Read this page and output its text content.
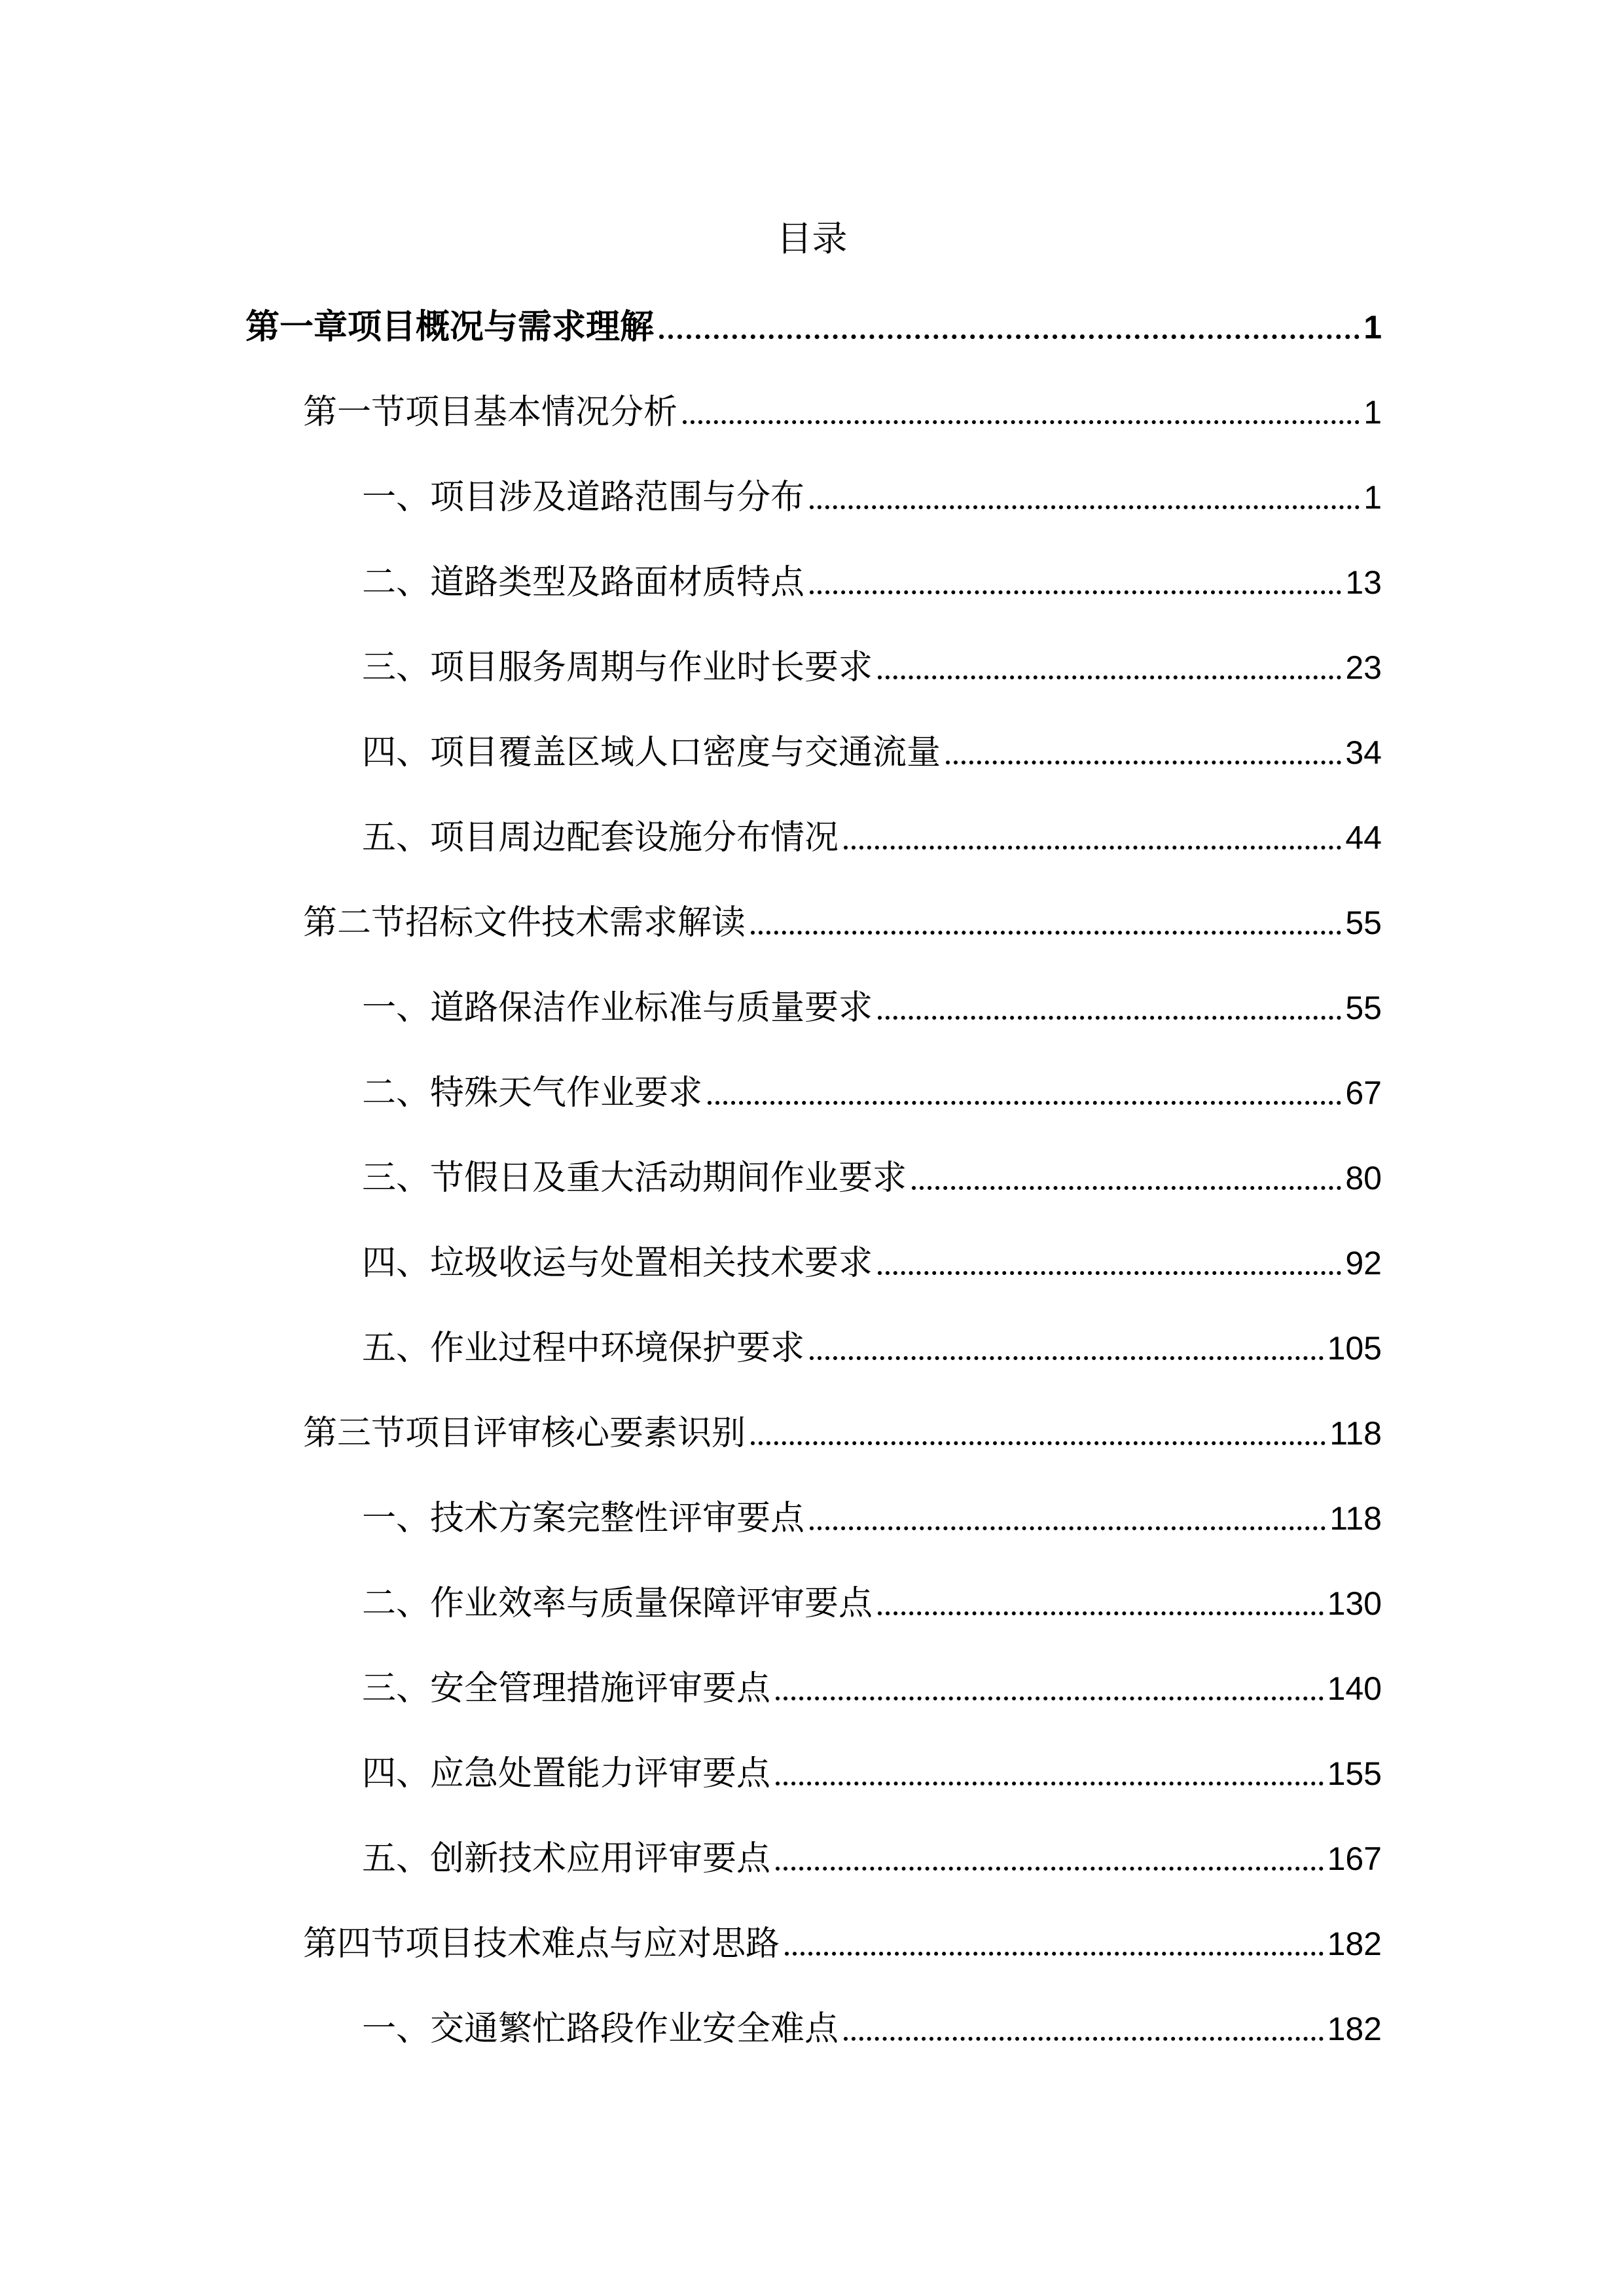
目录
第一章项目概况与需求理解	1
第一节项目基本情况分析	1
一、项目涉及道路范围与分布	1
二、道路类型及路面材质特点	13
三、项目服务周期与作业时长要求	23
四、项目覆盖区域人口密度与交通流量	34
五、项目周边配套设施分布情况	44
第二节招标文件技术需求解读	55
一、道路保洁作业标准与质量要求	55
二、特殊天气作业要求	67
三、节假日及重大活动期间作业要求	80
四、垃圾收运与处置相关技术要求	92
五、作业过程中环境保护要求	105
第三节项目评审核心要素识别	118
一、技术方案完整性评审要点	118
二、作业效率与质量保障评审要点	130
三、安全管理措施评审要点	140
四、应急处置能力评审要点	155
五、创新技术应用评审要点	167
第四节项目技术难点与应对思路	182
一、交通繁忙路段作业安全难点	182
